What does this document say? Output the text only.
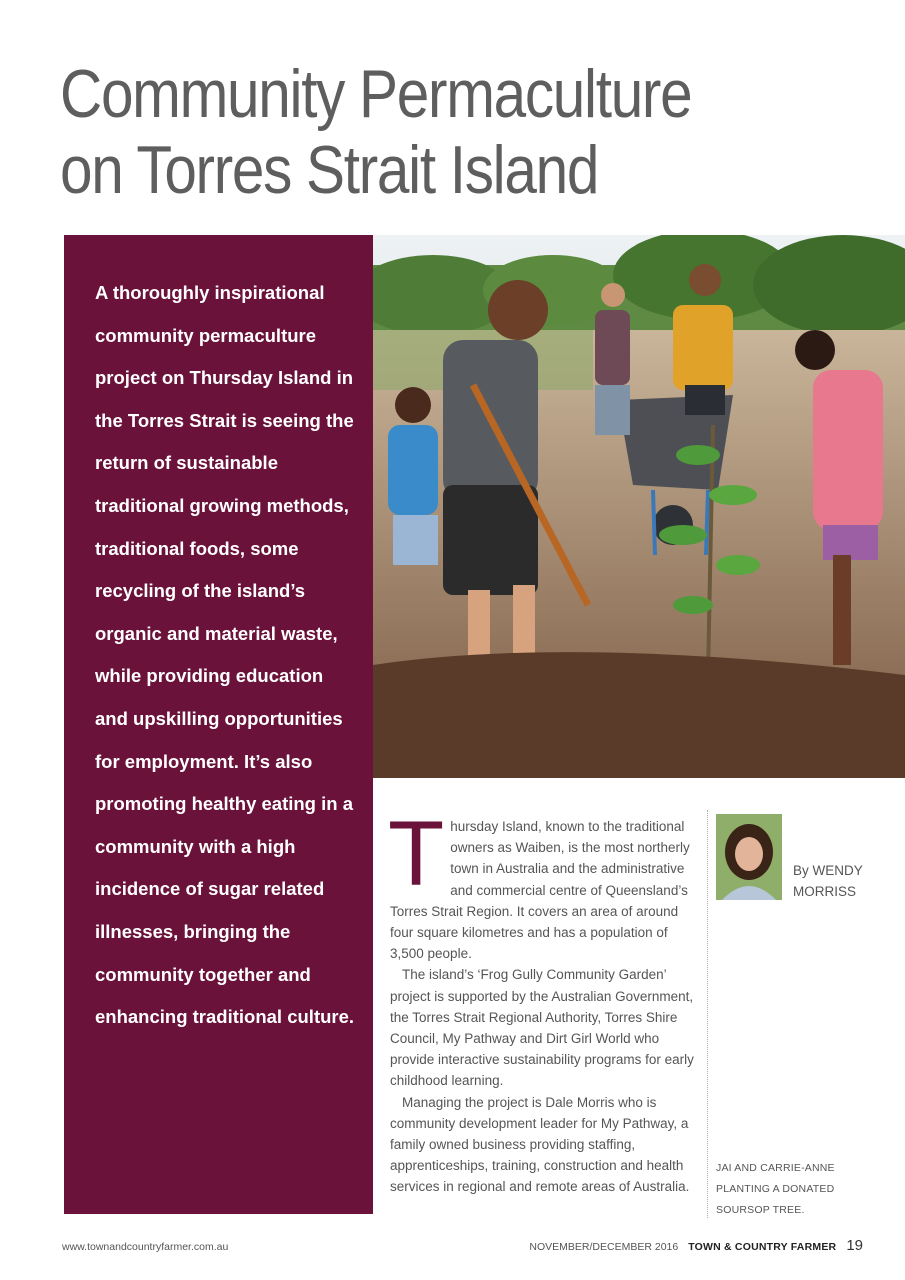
Community Permaculture
on Torres Strait Island

A thoroughly inspirational community permaculture project on Thursday Island in the Torres Strait is seeing the return of sustainable traditional growing methods, traditional foods, some recycling of the island’s organic and material waste, while providing education and upskilling opportunities for employment. It’s also promoting healthy eating in a community with a high incidence of sugar related illnesses, bringing the community together and enhancing traditional culture.

Thursday Island, known to the traditional owners as Waiben, is the most northerly town in Australia and the administrative and commercial centre of Queensland’s Torres Strait Region. It covers an area of around four square kilometres and has a population of 3,500 people.

The island’s ‘Frog Gully Community Garden’ project is supported by the Australian Government, the Torres Strait Regional Authority, Torres Shire Council, My Pathway and Dirt Girl World who provide interactive sustainability programs for early childhood learning.

Managing the project is Dale Morris who is community development leader for My Pathway, a family owned business providing staffing, apprenticeships, training, construction and health services in regional and remote areas of Australia.

By WENDY MORRISS
JAI AND CARRIE-ANNE PLANTING A DONATED SOURSOP TREE.
www.townandcountryfarmer.com.au	NOVEMBER/DECEMBER 2016 TOWN & COUNTRY FARMER 19
